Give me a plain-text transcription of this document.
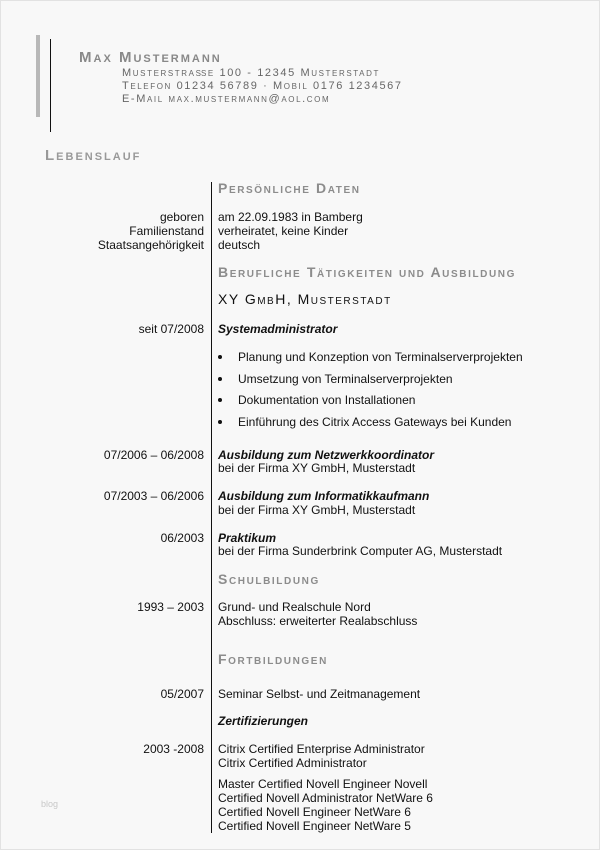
Max Mustermann
Musterstraße 100 - 12345 Musterstadt
Telefon 01234 56789 · Mobil 0176 1234567
E-Mail max.mustermann@aol.com
Lebenslauf
Persönliche Daten
geboren am 22.09.1983 in Bamberg
Familienstand verheiratet, keine Kinder
Staatsangehörigkeit deutsch
Berufliche Tätigkeiten und Ausbildung
XY GmbH, Musterstadt
seit 07/2008 Systemadministrator
Planung und Konzeption von Terminalserverprojekten
Umsetzung von Terminalserverprojekten
Dokumentation von Installationen
Einführung des Citrix Access Gateways bei Kunden
07/2006 – 06/2008 Ausbildung zum Netzwerkkoordinator
bei der Firma XY GmbH, Musterstadt
07/2003 – 06/2006 Ausbildung zum Informatikkaufmann
bei der Firma XY GmbH, Musterstadt
06/2003 Praktikum
bei der Firma Sunderbrink Computer AG, Musterstadt
Schulbildung
1993 – 2003 Grund- und Realschule Nord
Abschluss: erweiterter Realabschluss
Fortbildungen
05/2007 Seminar Selbst- und Zeitmanagement
Zertifizierungen
2003 -2008 Citrix Certified Enterprise Administrator
Citrix Certified Administrator
Master Certified Novell Engineer Novell
Certified Novell Administrator NetWare 6
Certified Novell Engineer NetWare 6
Certified Novell Engineer NetWare 5
blog
